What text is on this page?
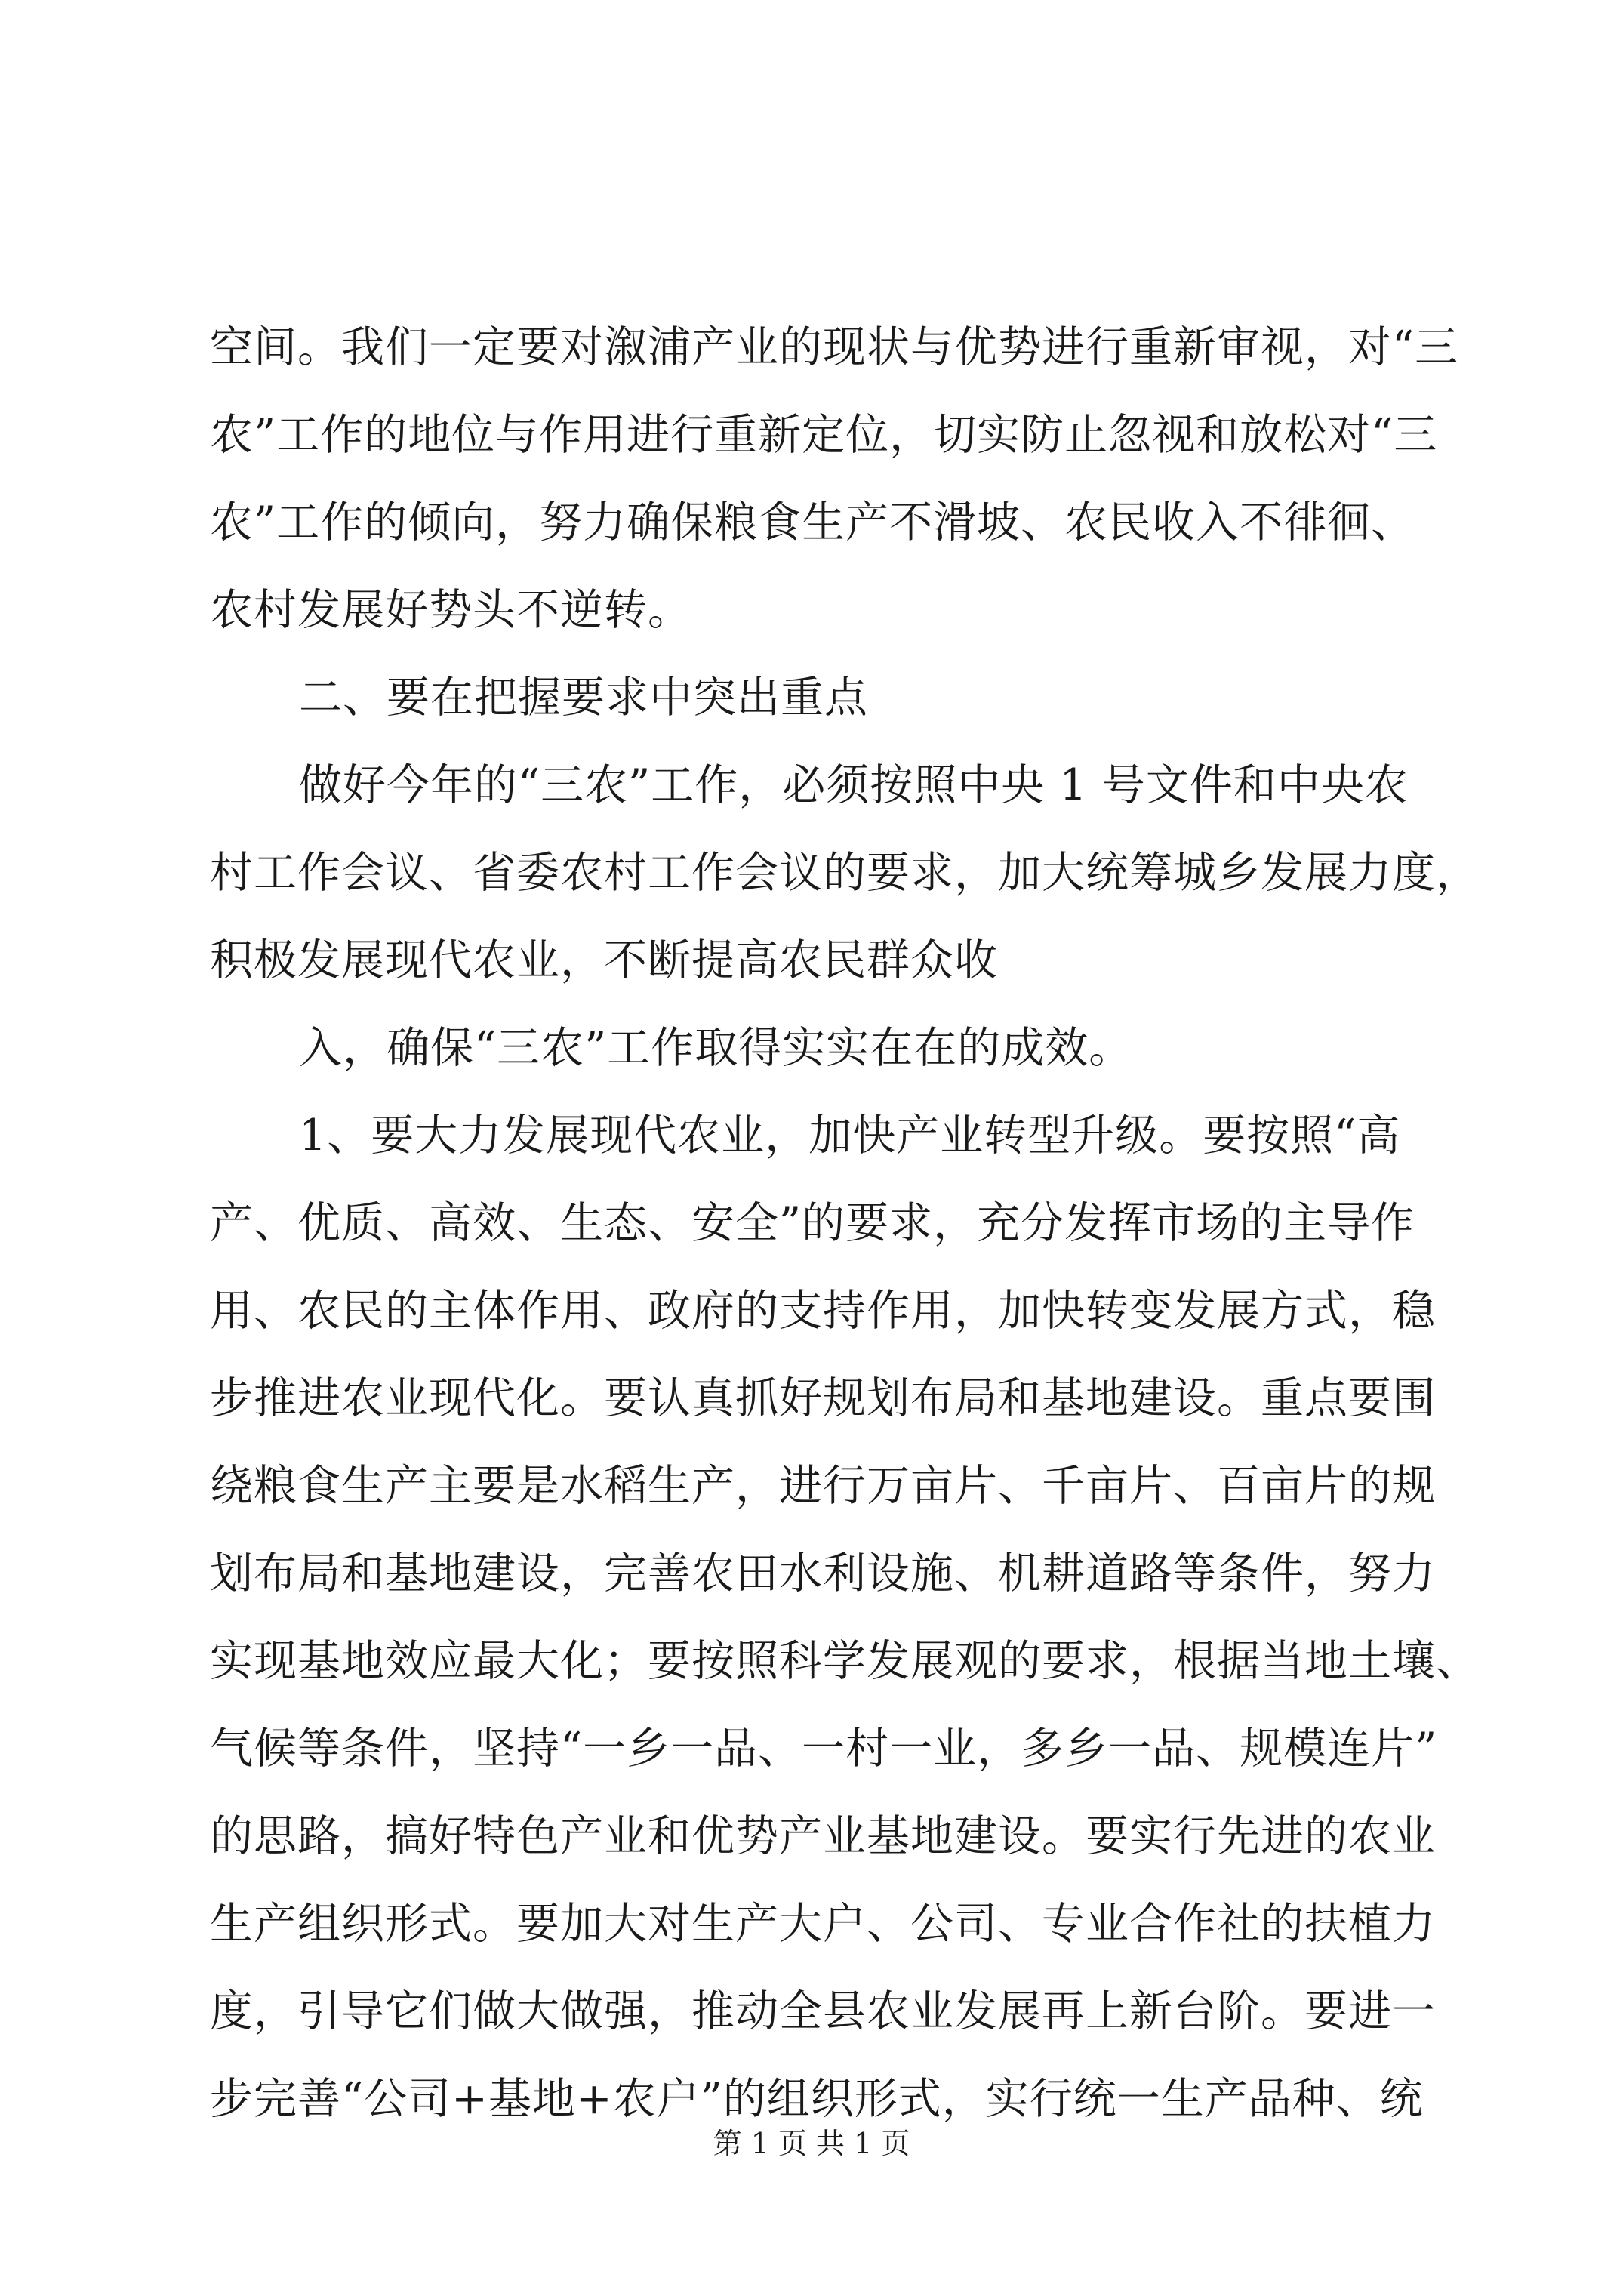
空间。我们一定要对溆浦产业的现状与优势进行重新审视，对“三
农”工作的地位与作用进行重新定位，切实防止忽视和放松对“三
农”工作的倾向，努力确保粮食生产不滑坡、农民收入不徘徊、
农村发展好势头不逆转。
二、要在把握要求中突出重点
做好今年的“三农”工作，必须按照中央 1 号文件和中央农
村工作会议、省委农村工作会议的要求，加大统筹城乡发展力度，
积极发展现代农业，不断提高农民群众收
入，确保“三农”工作取得实实在在的成效。
1、要大力发展现代农业，加快产业转型升级。要按照“高
产、优质、高效、生态、安全”的要求，充分发挥市场的主导作
用、农民的主体作用、政府的支持作用，加快转变发展方式，稳
步推进农业现代化。要认真抓好规划布局和基地建设。重点要围
绕粮食生产主要是水稻生产，进行万亩片、千亩片、百亩片的规
划布局和基地建设，完善农田水利设施、机耕道路等条件，努力
实现基地效应最大化；要按照科学发展观的要求，根据当地土壤、
气候等条件，坚持“一乡一品、一村一业，多乡一品、规模连片”
的思路，搞好特色产业和优势产业基地建设。要实行先进的农业
生产组织形式。要加大对生产大户、公司、专业合作社的扶植力
度，引导它们做大做强，推动全县农业发展再上新台阶。要进一
步完善“公司+基地+农户”的组织形式，实行统一生产品种、统
第 1 页 共 1 页
